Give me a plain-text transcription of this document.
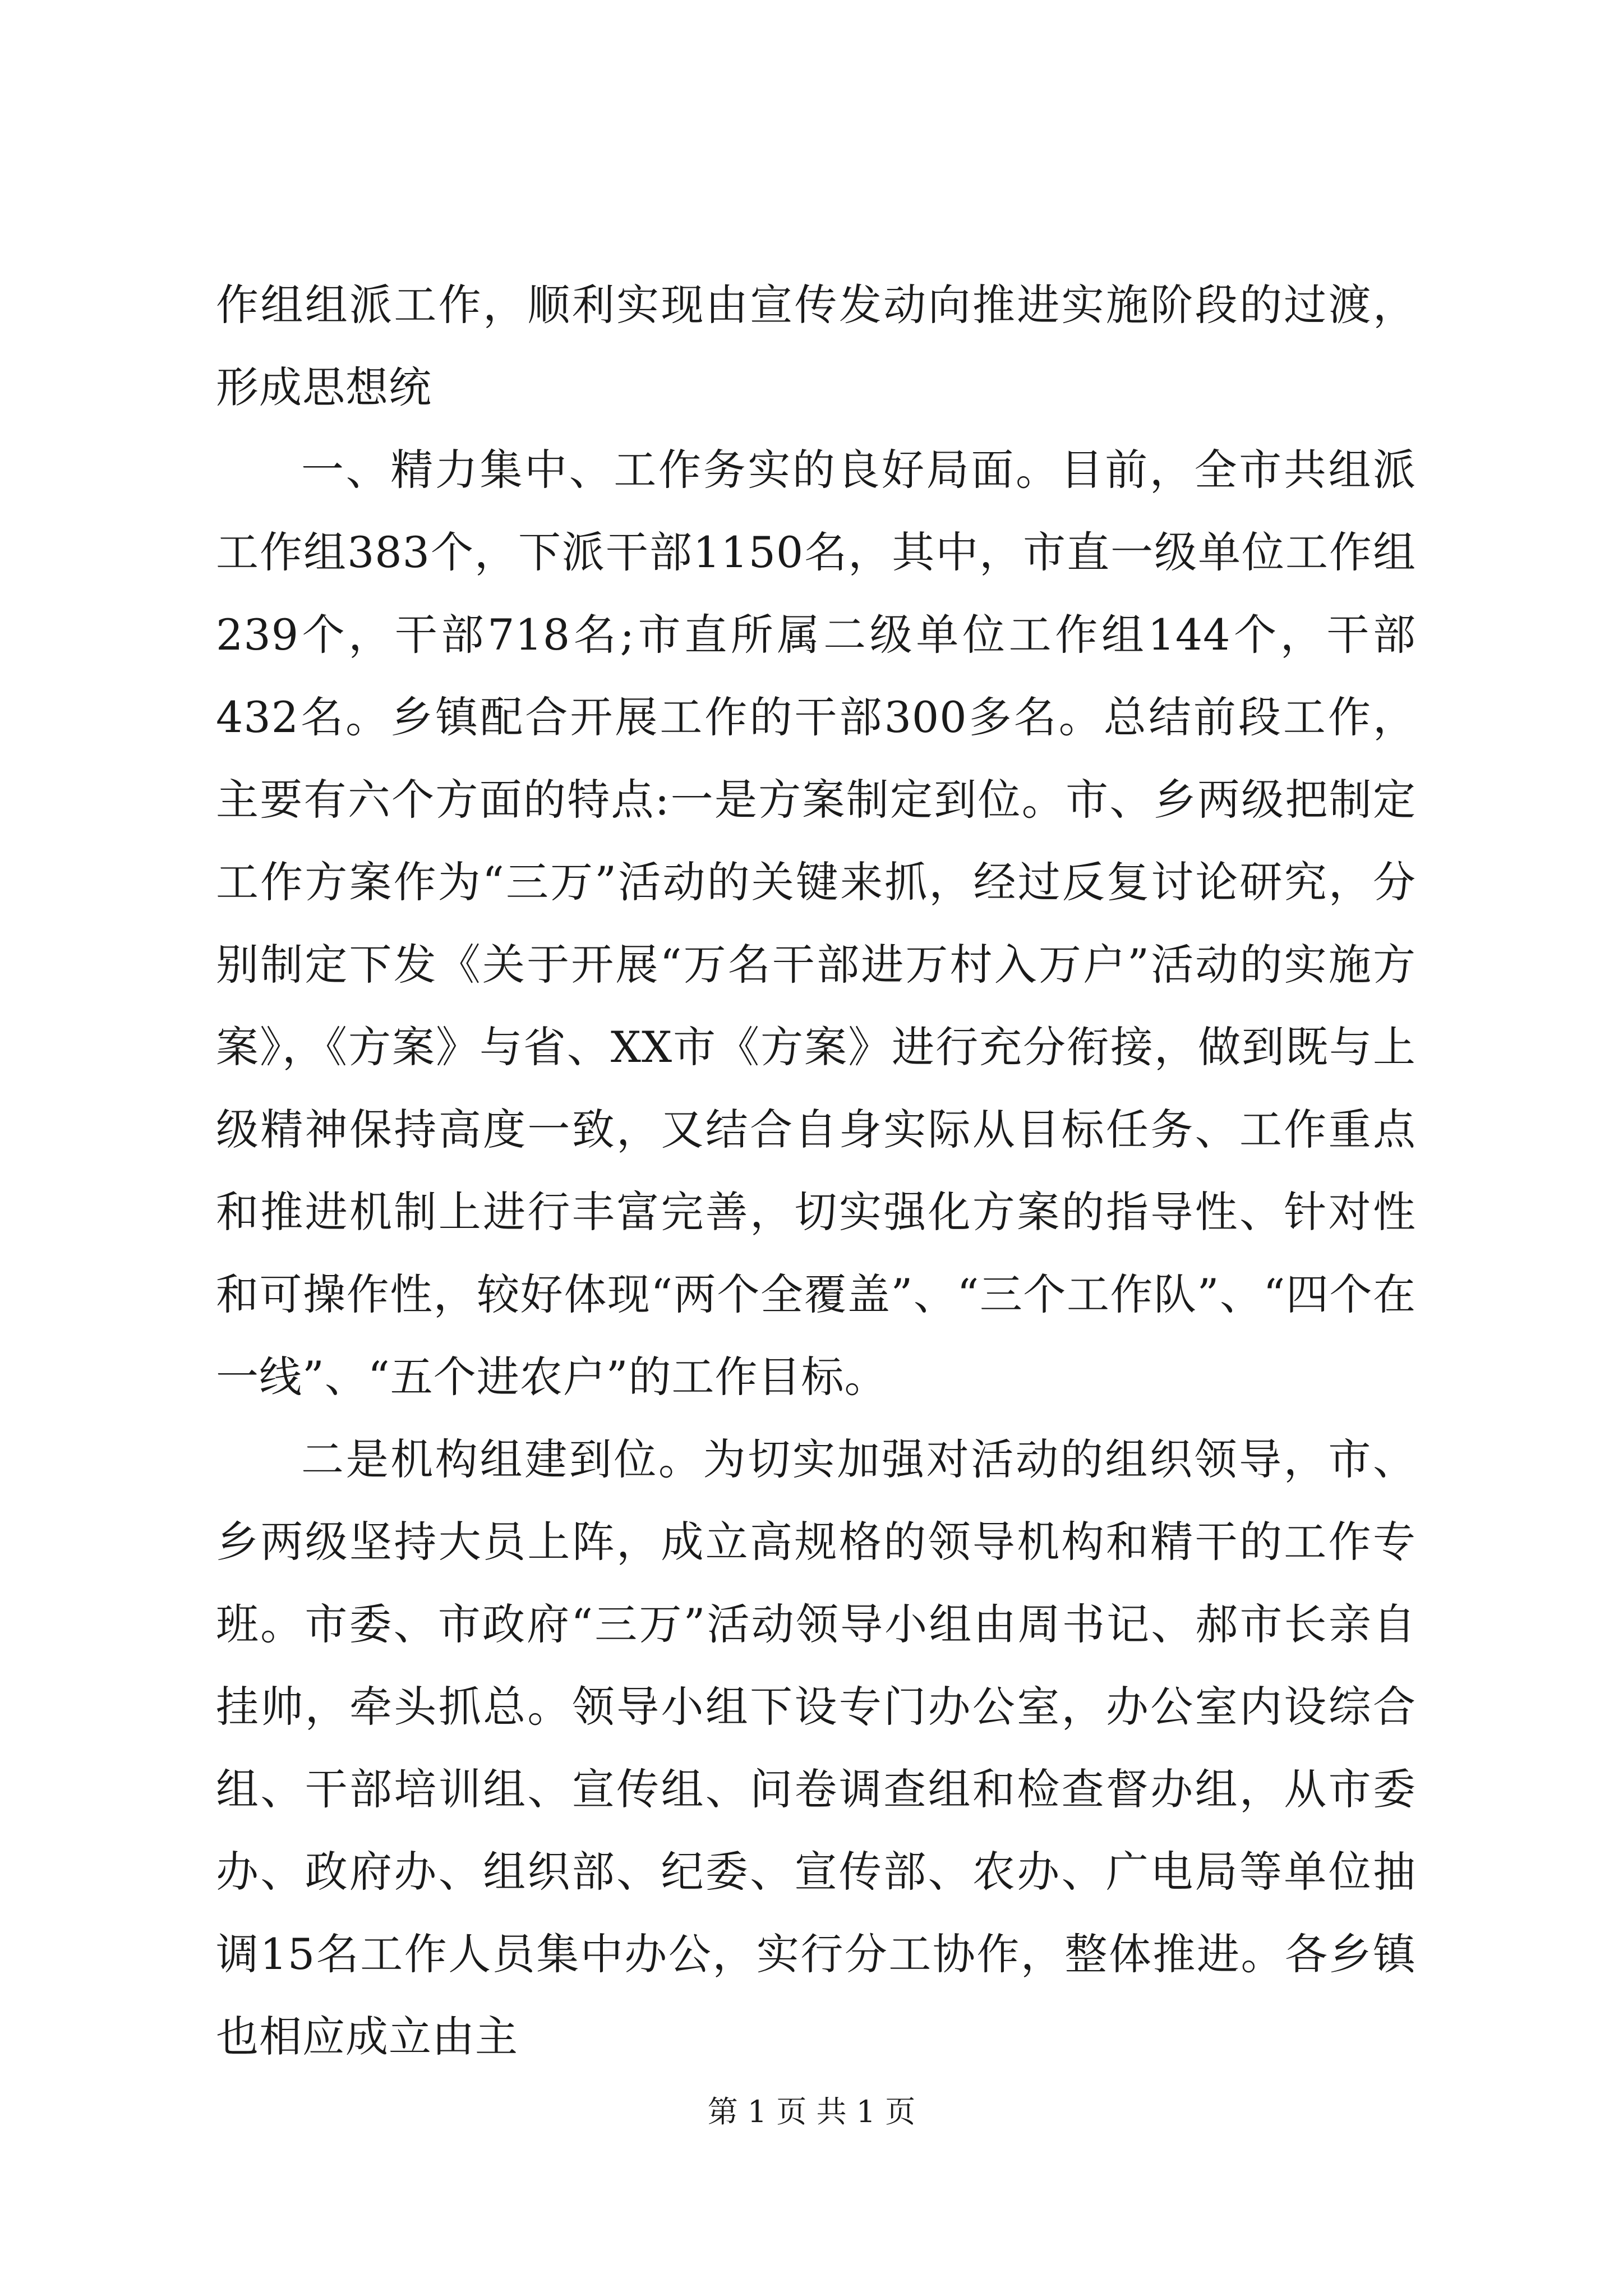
作组组派工作，顺利实现由宣传发动向推进实施阶段的过渡，形成思想统

一、精力集中、工作务实的良好局面。目前，全市共组派工作组383个，下派干部1150名，其中，市直一级单位工作组239个，干部718名;市直所属二级单位工作组144个，干部432名。乡镇配合开展工作的干部300多名。总结前段工作，主要有六个方面的特点:一是方案制定到位。市、乡两级把制定工作方案作为“三万”活动的关键来抓，经过反复讨论研究，分别制定下发《关于开展“万名干部进万村入万户”活动的实施方案》，《方案》与省、XX市《方案》进行充分衔接，做到既与上级精神保持高度一致，又结合自身实际从目标任务、工作重点和推进机制上进行丰富完善，切实强化方案的指导性、针对性和可操作性，较好体现“两个全覆盖”、“三个工作队”、“四个在一线”、“五个进农户”的工作目标。

二是机构组建到位。为切实加强对活动的组织领导，市、乡两级坚持大员上阵，成立高规格的领导机构和精干的工作专班。市委、市政府“三万”活动领导小组由周书记、郝市长亲自挂帅，牵头抓总。领导小组下设专门办公室，办公室内设综合组、干部培训组、宣传组、问卷调查组和检查督办组，从市委办、政府办、组织部、纪委、宣传部、农办、广电局等单位抽调15名工作人员集中办公，实行分工协作，整体推进。各乡镇也相应成立由主

第 1 页 共 1 页
